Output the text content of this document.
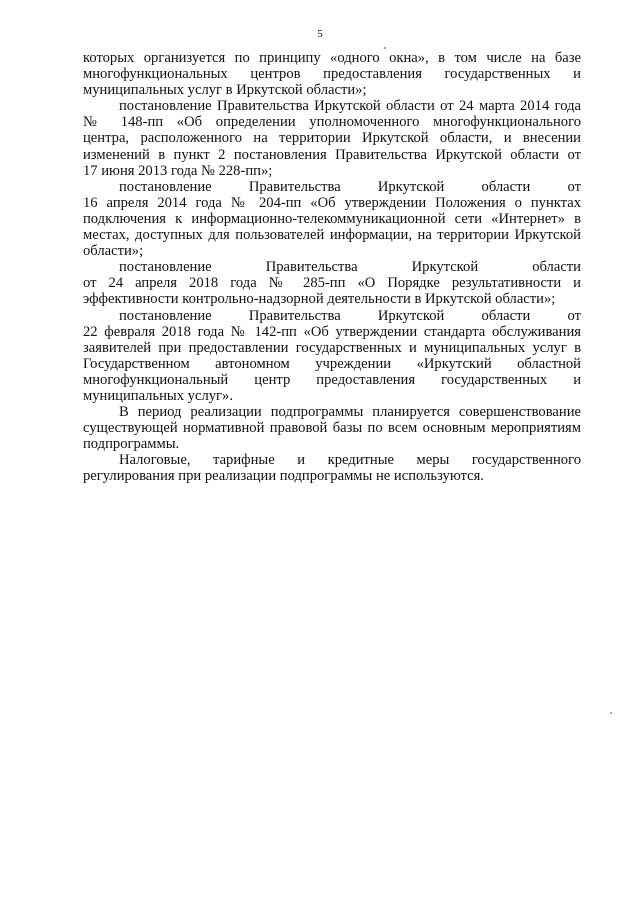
5
которых организуется по принципу «одного окна», в том числе на базе
многофункциональных центров предоставления государственных и
муниципальных услуг в Иркутской области»;
постановление Правительства Иркутской области от 24 марта 2014 года
№ 148-пп «Об определении уполномоченного многофункционального
центра, расположенного на территории Иркутской области, и внесении
изменений в пункт 2 постановления Правительства Иркутской области от
17 июня 2013 года № 228-пп»;
постановление	Правительства	Иркутской	области	от
16 апреля 2014 года № 204-пп «Об утверждении Положения о пунктах
подключения к информационно-телекоммуникационной сети «Интернет» в
местах, доступных для пользователей информации, на территории Иркутской
области»;
постановление	Правительства	Иркутской	области
от 24 апреля 2018 года № 285-пп «О Порядке результативности и
эффективности контрольно-надзорной деятельности в Иркутской области»;
постановление	Правительства	Иркутской	области	от
22 февраля 2018 года № 142-пп «Об утверждении стандарта обслуживания
заявителей при предоставлении государственных и муниципальных услуг в
Государственном автономном учреждении «Иркутский областной
многофункциональный центр предоставления государственных и
муниципальных услуг».
В период реализации подпрограммы планируется совершенствование
существующей нормативной правовой базы по всем основным мероприятиям
подпрограммы.
Налоговые, тарифные и кредитные меры государственного
регулирования при реализации подпрограммы не используются.
